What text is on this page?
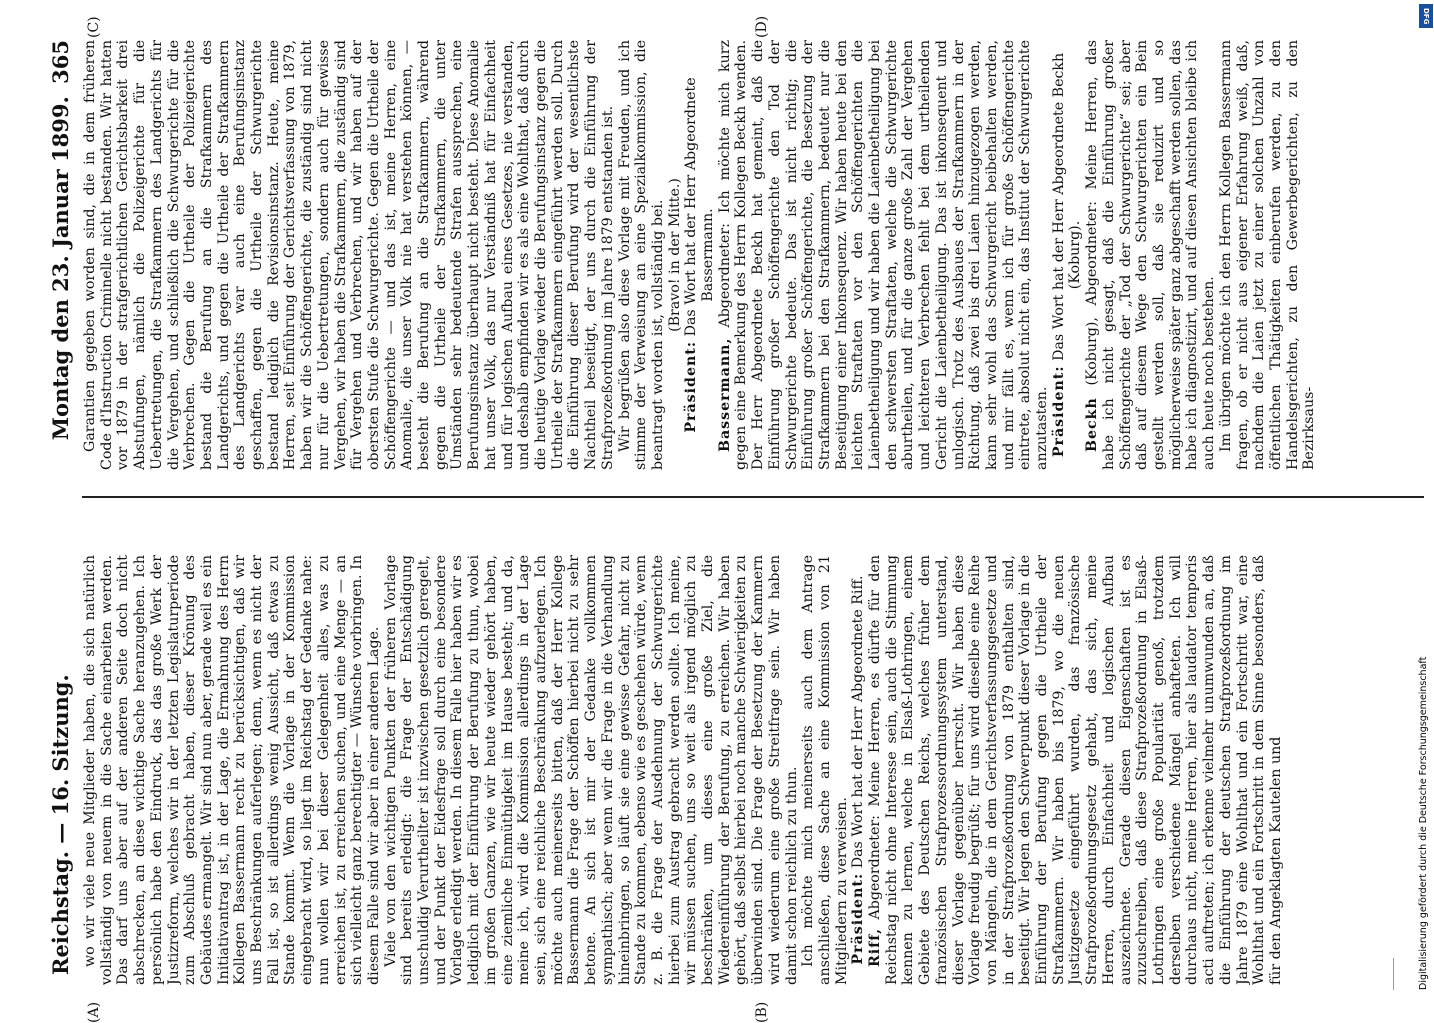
Reichstag. — 16. Sitzung.                                Montag den 23. Januar 1899.
365
(A)	(B)
(C)	(D)

wo wir viele neue Mitglieder haben, die sich natürlich vollständig von neuem in die Sache einarbeiten werden. Das darf uns aber auf der anderen Seite doch nicht abschrecken, an diese wichtige Sache heranzugehen. Ich persönlich habe den Eindruck, das das große Werk der Justizreform, welches wir in der letzten Legislaturperiode zum Abschluß gebracht haben, dieser Krönung des Gebäudes ermangelt. Wir sind nun aber, gerade weil es ein Initiativantrag ist, in der Lage, die Ermahnung des Herrn Kollegen Bassermann recht zu berücksichtigen, daß wir uns Beschränkungen auferlegen; denn, wenn es nicht der Fall ist, so ist allerdings wenig Aussicht, daß etwas zu Stande kommt. Wenn die Vorlage in der Kommission eingebracht wird, so liegt im Reichstag der Gedanke nahe: nun wollen wir bei dieser Gelegenheit alles, was zu erreichen ist, zu erreichen suchen, und eine Menge — an sich vielleicht ganz berechtigter — Wünsche vorbringen. In diesem Falle sind wir aber in einer anderen Lage. Viele von den wichtigen Punkten der früheren Vorlage sind bereits erledigt: die Frage der Entschädigung unschuldig Verurtheilter ist inzwischen gesetzlich geregelt, und der Punkt der Eidesfrage soll durch eine besondere Vorlage erledigt werden. In diesem Falle hier haben wir es lediglich mit der Einführung der Berufung zu thun, wobei im großen Ganzen, wie wir heute wieder gehört haben, eine ziemliche Einmüthigkeit im Hause besteht; und da, meine ich, wird die Kommission allerdings in der Lage sein, sich eine reichliche Beschränkung aufzuerlegen. Ich möchte auch meinerseits bitten, daß der Herr Kollege Bassermann die Frage der Schöffen hierbei nicht zu sehr betone. An sich ist mir der Gedanke vollkommen sympathisch; aber wenn wir die Frage in die Verhandlung hineinbringen, so läuft sie eine gewisse Gefahr, nicht zu Stande zu kommen, ebenso wie es geschehen würde, wenn z. B. die Frage der Ausdehnung der Schwurgerichte hierbei zum Austrag gebracht werden sollte. Ich meine, wir müssen suchen, uns so weit als irgend möglich zu beschränken, um dieses eine große Ziel, die Wiedereinführung der Berufung, zu erreichen. Wir haben gehört, daß selbst hierbei noch manche Schwierigkeiten zu überwinden sind. Die Frage der Besetzung der Kammern wird wiederum eine große Streitfrage sein. Wir haben damit schon reichlich zu thun. Ich möchte mich meinerseits auch dem Antrage anschließen, diese Sache an eine Kommission von 21 Mitgliedern zu verweisen. Präsident: Das Wort hat der Herr Abgeordnete Riff.

Riff, Abgeordneter: Meine Herren, es dürfte für den Reichstag nicht ohne Interesse sein, auch die Stimmung kennen zu lernen, welche in Elsaß-Lothringen, einem Gebiete des Deutschen Reichs, welches früher dem französischen Strafprozessordnungssystem unterstand, dieser Vorlage gegenüber herrscht. Wir haben diese Vorlage freudig begrüßt; für uns wird dieselbe eine Reihe von Mängeln, die in dem Gerichtsverfassungsgesetze und in der Strafprozeßordnung von 1879 enthalten sind, beseitigt. Wir legen den Schwerpunkt dieser Vorlage in die Einführung der Berufung gegen die Urtheile der Strafkammern. Wir haben bis 1879, wo die neuen Justizgesetze eingeführt wurden, das französische Strafprozeßordnungsgesetz gehabt, das sich, meine Herren, durch Einfachheit und logischen Aufbau auszeichnete. Gerade diesen Eigenschaften ist es zuzuschreiben, daß diese Strafprozeßordnung in Elsaß-Lothringen eine große Popularität genoß, trotzdem derselben verschiedene Mängel anhafteten. Ich will durchaus nicht, meine Herren, hier als laudator temporis acti auftreten; ich erkenne vielmehr unumwunden an, daß die Einführung der deutschen Strafprozeßordnung im Jahre 1879 eine Wohlthat und ein Fortschritt war, eine Wohlthat und ein Fortschritt in dem Sinne besonders, daß für den Angeklagten Kautelen und

Garantien gegeben worden sind, die in dem früheren Code d'Instruction Criminelle nicht bestanden. Wir hatten vor 1879 in der strafgerichtlichen Gerichtsbarkeit drei Abstufungen, nämlich die Polizeigerichte für die Uebertretungen, die Strafkammern des Landgerichts für die Vergehen, und schließlich die Schwurgerichte für die Verbrechen. Gegen die Urtheile der Polizeigerichte bestand die Berufung an die Strafkammern des Landgerichts, und gegen die Urtheile der Strafkammern des Landgerichts war auch eine Berufungsinstanz geschaffen, gegen die Urtheile der Schwurgerichte bestand lediglich die Revisionsinstanz. Heute, meine Herren, seit Einführung der Gerichtsverfassung von 1879, haben wir die Schöffengerichte, die zuständig sind nicht nur für die Uebertretungen, sondern auch für gewisse Vergehen, wir haben die Strafkammern, die zuständig sind für Vergehen und Verbrechen, und wir haben auf der obersten Stufe die Schwurgerichte. Gegen die Urtheile der Schöffengerichte — und das ist, meine Herren, eine Anomalie, die unser Volk nie hat verstehen können, — besteht die Berufung an die Strafkammern, während gegen die Urtheile der Strafkammern, die unter Umständen sehr bedeutende Strafen aussprechen, eine Berufungsinstanz überhaupt nicht besteht. Diese Anomalie hat unser Volk, das nur Verständniß hat für Einfachheit und für logischen Aufbau eines Gesetzes, nie verstanden, und deshalb empfinden wir es als eine Wohlthat, daß durch die heutige Vorlage wieder die Berufungsinstanz gegen die Urtheile der Strafkammern eingeführt werden soll. Durch die Einführung dieser Berufung wird der wesentlichste Nachtheil beseitigt, der uns durch die Einführung der Strafprozeßordnung im Jahre 1879 entstanden ist. Wir begrüßen also diese Vorlage mit Freuden, und ich stimme der Verweisung an eine Spezialkommission, die beantragt worden ist, vollständig bei. (Bravo! in der Mitte.)

Präsident: Das Wort hat der Herr Abgeordnete Bassermann.

Bassermann, Abgeordneter: Ich möchte mich kurz gegen eine Bemerkung des Herrn Kollegen Beckh wenden. Der Herr Abgeordnete Beckh hat gemeint, daß die Einführung großer Schöffengerichte den Tod der Schwurgerichte bedeute. Das ist nicht richtig; die Einführung großer Schöffengerichte, die Besetzung der Strafkammern bei den Strafkammern, bedeutet nur die Beseitigung einer Inkonsequenz. Wir haben heute bei den leichten Straftaten vor den Schöffengerichten die Laienbetheiligung und wir haben die Laienbetheiligung bei den schwersten Straftaten, welche die Schwurgerichte aburtheilen, und für die ganze große Zahl der Vergehen und leichteren Verbrechen fehlt bei dem urtheilenden Gericht die Laienbetheiligung. Das ist inkonsequent und unlogisch. Trotz des Ausbaues der Strafkammern in der Richtung, daß zwei bis drei Laien hinzugezogen werden, kann sehr wohl das Schwurgericht beibehalten werden, und mir fällt es, wenn ich für große Schöffengerichte eintrete, absolut nicht ein, das Institut der Schwurgerichte anzutasten. Präsident: Das Wort hat der Herr Abgeordnete Beckh (Koburg).

Beckh (Koburg), Abgeordneter: Meine Herren, das habe ich nicht gesagt, daß die Einführung großer Schöffengerichte der „Tod der Schwurgerichte“ sei; aber daß auf diesem Wege den Schwurgerichten ein Bein gestellt werden soll, daß sie reduzirt und so möglicherweise später ganz abgeschafft werden sollen, das habe ich diagnostizirt, und auf diesen Ansichten bleibe ich auch heute noch bestehen. Im übrigen möchte ich den Herrn Kollegen Bassermann fragen, ob er nicht aus eigener Erfahrung weiß, daß, nachdem die Laien jetzt zu einer solchen Unzahl von öffentlichen Thätigkeiten einberufen werden, zu den Handelsgerichten, zu den Gewerbegerichten, zu den Bezirksaus-

DFG
Digitalisierung gefördert durch die Deutsche Forschungsgemeinschaft
